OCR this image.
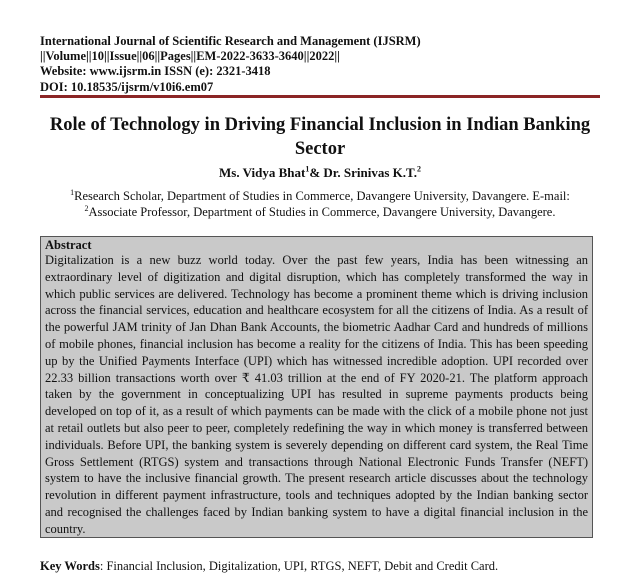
International Journal of Scientific Research and Management (IJSRM)
||Volume||10||Issue||06||Pages||EM-2022-3633-3640||2022||
Website: www.ijsrm.in ISSN (e): 2321-3418
DOI: 10.18535/ijsrm/v10i6.em07
Role of Technology in Driving Financial Inclusion in Indian Banking Sector
Ms. Vidya Bhat$^1$& Dr. Srinivas K.T.$^2$
$^1$Research Scholar, Department of Studies in Commerce, Davangere University, Davangere. E-mail:
$^2$Associate Professor, Department of Studies in Commerce, Davangere University, Davangere.
Abstract
Digitalization is a new buzz world today. Over the past few years, India has been witnessing an extraordinary level of digitization and digital disruption, which has completely transformed the way in which public services are delivered. Technology has become a prominent theme which is driving inclusion across the financial services, education and healthcare ecosystem for all the citizens of India. As a result of the powerful JAM trinity of Jan Dhan Bank Accounts, the biometric Aadhar Card and hundreds of millions of mobile phones, financial inclusion has become a reality for the citizens of India. This has been speeding up by the Unified Payments Interface (UPI) which has witnessed incredible adoption. UPI recorded over 22.33 billion transactions worth over ₹ 41.03 trillion at the end of FY 2020-21. The platform approach taken by the government in conceptualizing UPI has resulted in supreme payments products being developed on top of it, as a result of which payments can be made with the click of a mobile phone not just at retail outlets but also peer to peer, completely redefining the way in which money is transferred between individuals. Before UPI, the banking system is severely depending on different card system, the Real Time Gross Settlement (RTGS) system and transactions through National Electronic Funds Transfer (NEFT) system to have the inclusive financial growth. The present research article discusses about the technology revolution in different payment infrastructure, tools and techniques adopted by the Indian banking sector and recognised the challenges faced by Indian banking system to have a digital financial inclusion in the country.
Key Words: Financial Inclusion, Digitalization, UPI, RTGS, NEFT, Debit and Credit Card.
